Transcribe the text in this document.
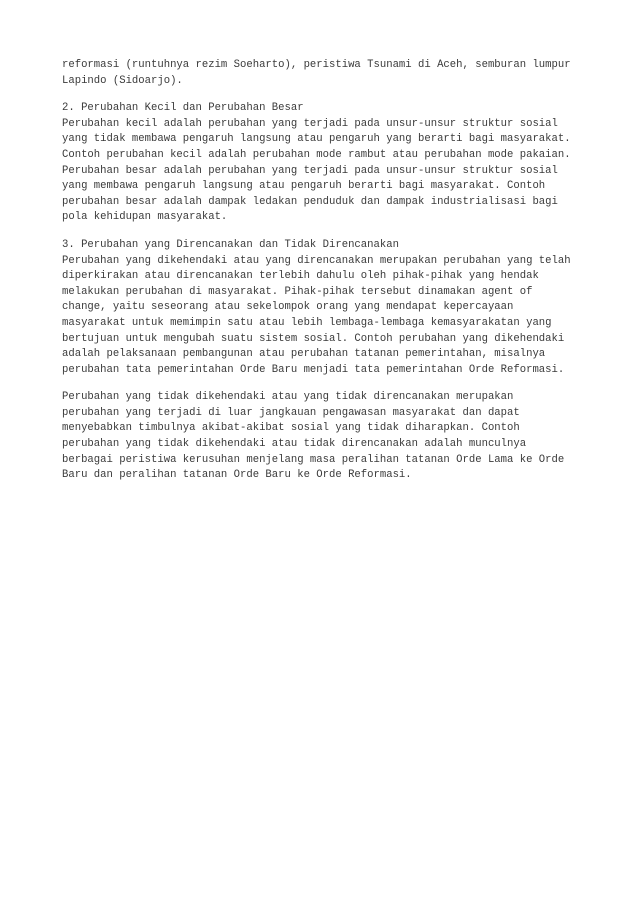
reformasi (runtuhnya rezim Soeharto), peristiwa Tsunami di Aceh, semburan lumpur
Lapindo (Sidoarjo).
2. Perubahan Kecil dan Perubahan Besar
Perubahan kecil adalah perubahan yang terjadi pada unsur-unsur struktur sosial
yang tidak membawa pengaruh langsung atau pengaruh yang berarti bagi masyarakat.
Contoh perubahan kecil adalah perubahan mode rambut atau perubahan mode pakaian.
Perubahan besar adalah perubahan yang terjadi pada unsur-unsur struktur sosial
yang membawa pengaruh langsung atau pengaruh berarti bagi masyarakat. Contoh
perubahan besar adalah dampak ledakan penduduk dan dampak industrialisasi bagi
pola kehidupan masyarakat.
3. Perubahan yang Direncanakan dan Tidak Direncanakan
Perubahan yang dikehendaki atau yang direncanakan merupakan perubahan yang telah
diperkirakan atau direncanakan terlebih dahulu oleh pihak-pihak yang hendak
melakukan perubahan di masyarakat. Pihak-pihak tersebut dinamakan agent of
change, yaitu seseorang atau sekelompok orang yang mendapat kepercayaan
masyarakat untuk memimpin satu atau lebih lembaga-lembaga kemasyarakatan yang
bertujuan untuk mengubah suatu sistem sosial. Contoh perubahan yang dikehendaki
adalah pelaksanaan pembangunan atau perubahan tatanan pemerintahan, misalnya
perubahan tata pemerintahan Orde Baru menjadi tata pemerintahan Orde Reformasi.
Perubahan yang tidak dikehendaki atau yang tidak direncanakan merupakan
perubahan yang terjadi di luar jangkauan pengawasan masyarakat dan dapat
menyebabkan timbulnya akibat-akibat sosial yang tidak diharapkan. Contoh
perubahan yang tidak dikehendaki atau tidak direncanakan adalah munculnya
berbagai peristiwa kerusuhan menjelang masa peralihan tatanan Orde Lama ke Orde
Baru dan peralihan tatanan Orde Baru ke Orde Reformasi.
